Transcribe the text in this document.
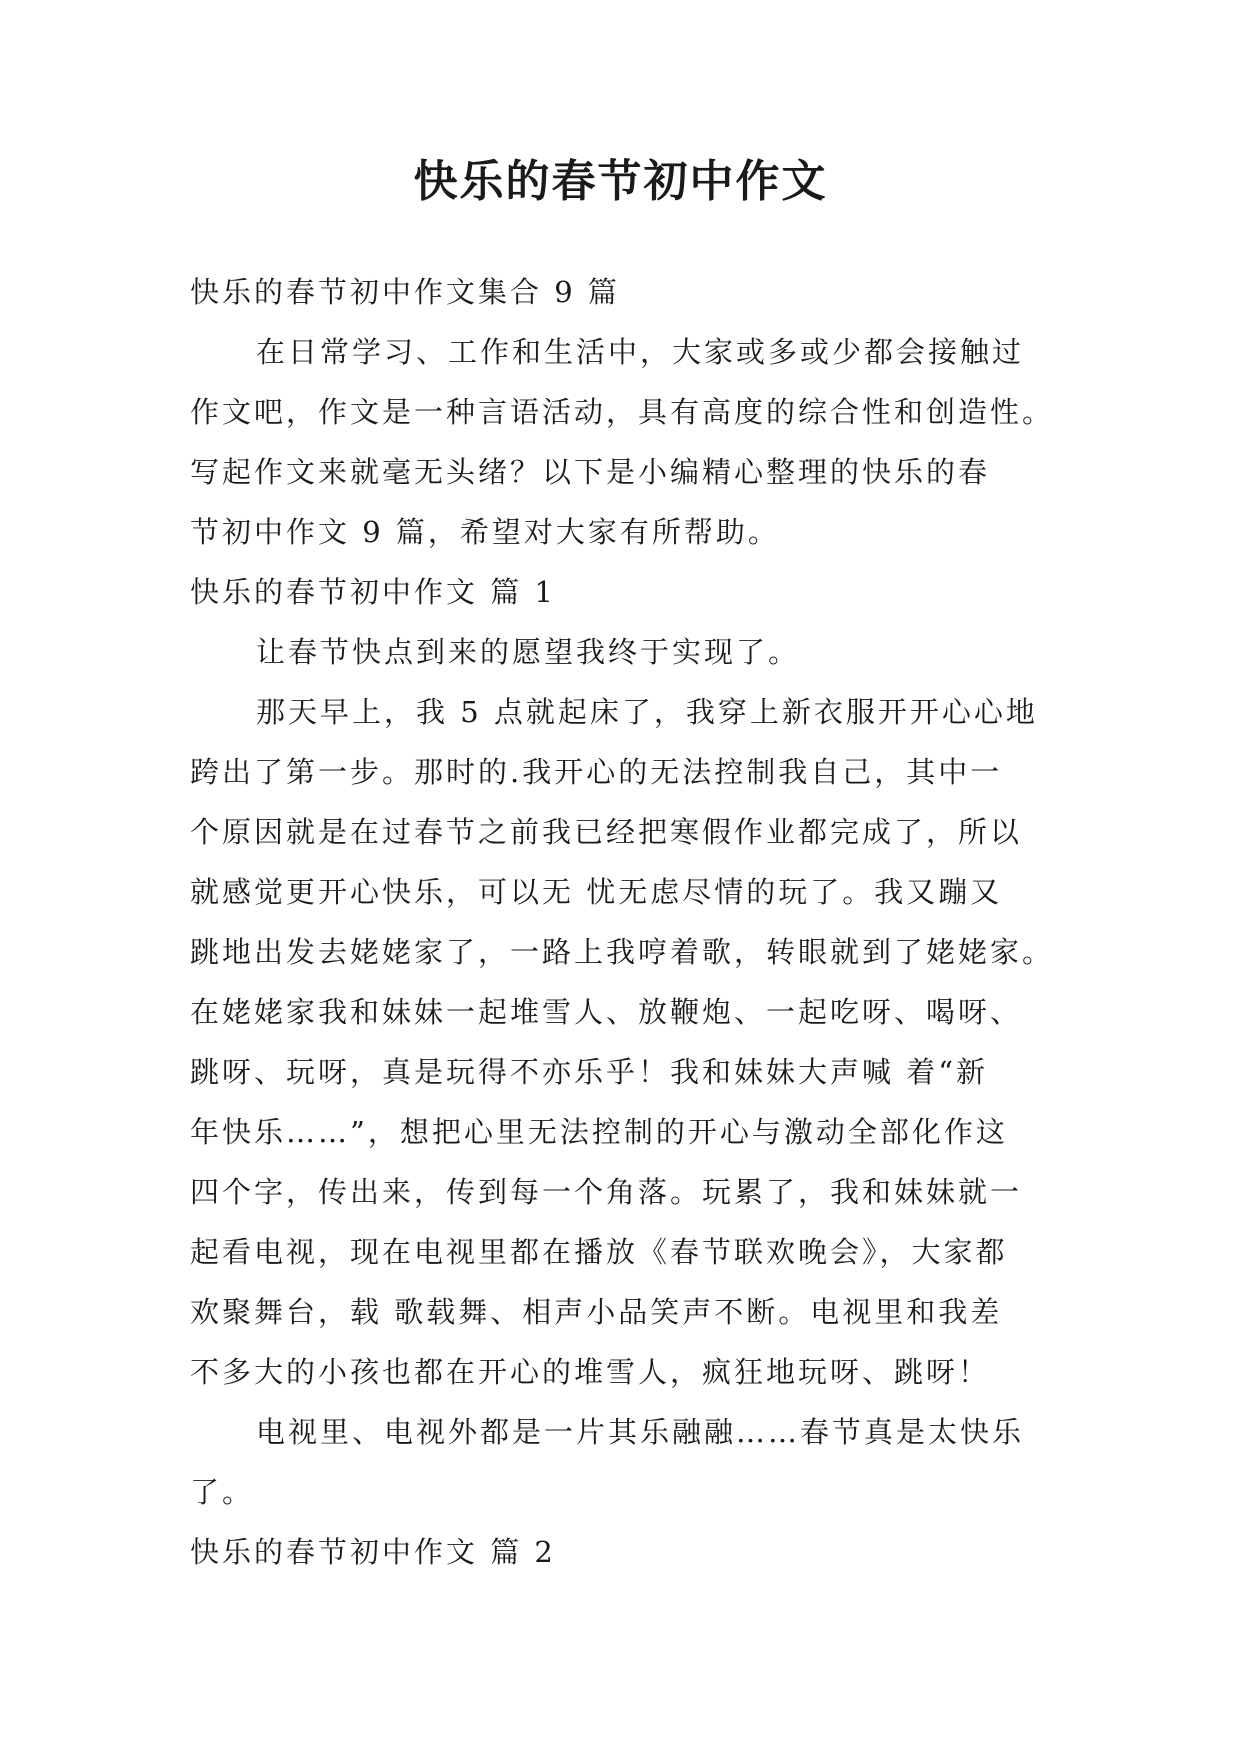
快乐的春节初中作文
快乐的春节初中作文集合 9 篇
在日常学习、工作和生活中，大家或多或少都会接触过
作文吧，作文是一种言语活动，具有高度的综合性和创造性。
写起作文来就毫无头绪？以下是小编精心整理的快乐的春
节初中作文 9 篇，希望对大家有所帮助。
快乐的春节初中作文 篇 1
让春节快点到来的愿望我终于实现了。
那天早上，我 5 点就起床了，我穿上新衣服开开心心地
跨出了第一步。那时的.我开心的无法控制我自己，其中一
个原因就是在过春节之前我已经把寒假作业都完成了，所以
就感觉更开心快乐，可以无 忧无虑尽情的玩了。我又蹦又
跳地出发去姥姥家了，一路上我哼着歌，转眼就到了姥姥家。
在姥姥家我和妹妹一起堆雪人、放鞭炮、一起吃呀、喝呀、
跳呀、玩呀，真是玩得不亦乐乎！我和妹妹大声喊 着“新
年快乐……”，想把心里无法控制的开心与激动全部化作这
四个字，传出来，传到每一个角落。玩累了，我和妹妹就一
起看电视，现在电视里都在播放《春节联欢晚会》，大家都
欢聚舞台，载 歌载舞、相声小品笑声不断。电视里和我差
不多大的小孩也都在开心的堆雪人，疯狂地玩呀、跳呀！
电视里、电视外都是一片其乐融融……春节真是太快乐
了。
快乐的春节初中作文 篇 2
